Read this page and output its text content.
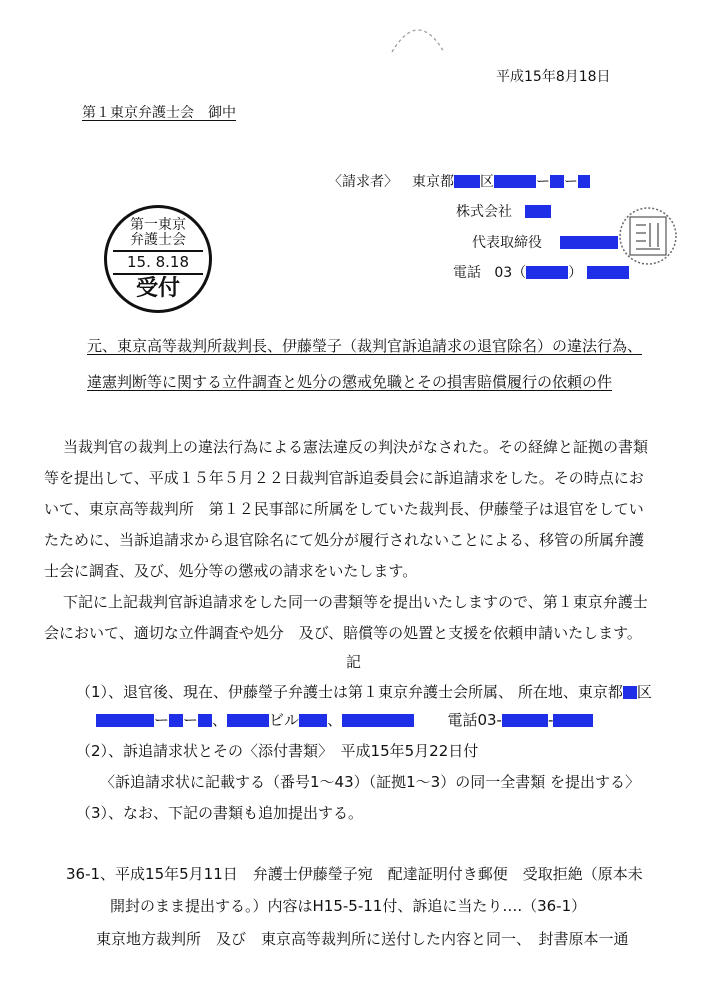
平成15年8月18日
第１東京弁護士会　御中
〈請求者〉 東京都 区	ー ー
株式会社
代表取締役
電話 03（	）
第一東京
弁護士会
15. 8.18
受付
元、東京高等裁判所裁判長、伊藤瑩子（裁判官訴追請求の退官除名）の違法行為、
違憲判断等に関する立件調査と処分の懲戒免職とその損害賠償履行の依頼の件
当裁判官の裁判上の違法行為による憲法違反の判決がなされた。その経緯と証拠の書類
等を提出して、平成１５年５月２２日裁判官訴追委員会に訴追請求をした。その時点にお
いて、東京高等裁判所　第１２民事部に所属をしていた裁判長、伊藤瑩子は退官をしてい
たために、当訴追請求から退官除名にて処分が履行されないことによる、移管の所属弁護
士会に調査、及び、処分等の懲戒の請求をいたします。
下記に上記裁判官訴追請求をした同一の書類等を提出いたしますので、第１東京弁護士
会において、適切な立件調査や処分　及び、賠償等の処置と支援を依頼申請いたします。
記
（1）、退官後、現在、伊藤瑩子弁護士は第１東京弁護士会所属、 所在地、東京都 区
ー ー 、	ビル 、	電話03-	-
（2）、訴追請求状とその〈添付書類〉　平成15年5月22日付
〈訴追請求状に記載する（番号1〜43）（証拠1〜3）の同一全書類 を提出する〉
（3）、なお、下記の書類も追加提出する。
36-1、平成15年5月11日　弁護士伊藤瑩子宛　配達証明付き郵便　受取拒絶（原本未
開封のまま提出する。）内容はH15-5-11付、訴追に当たり….（36-1）
東京地方裁判所　及び　東京高等裁判所に送付した内容と同一、　封書原本一通
